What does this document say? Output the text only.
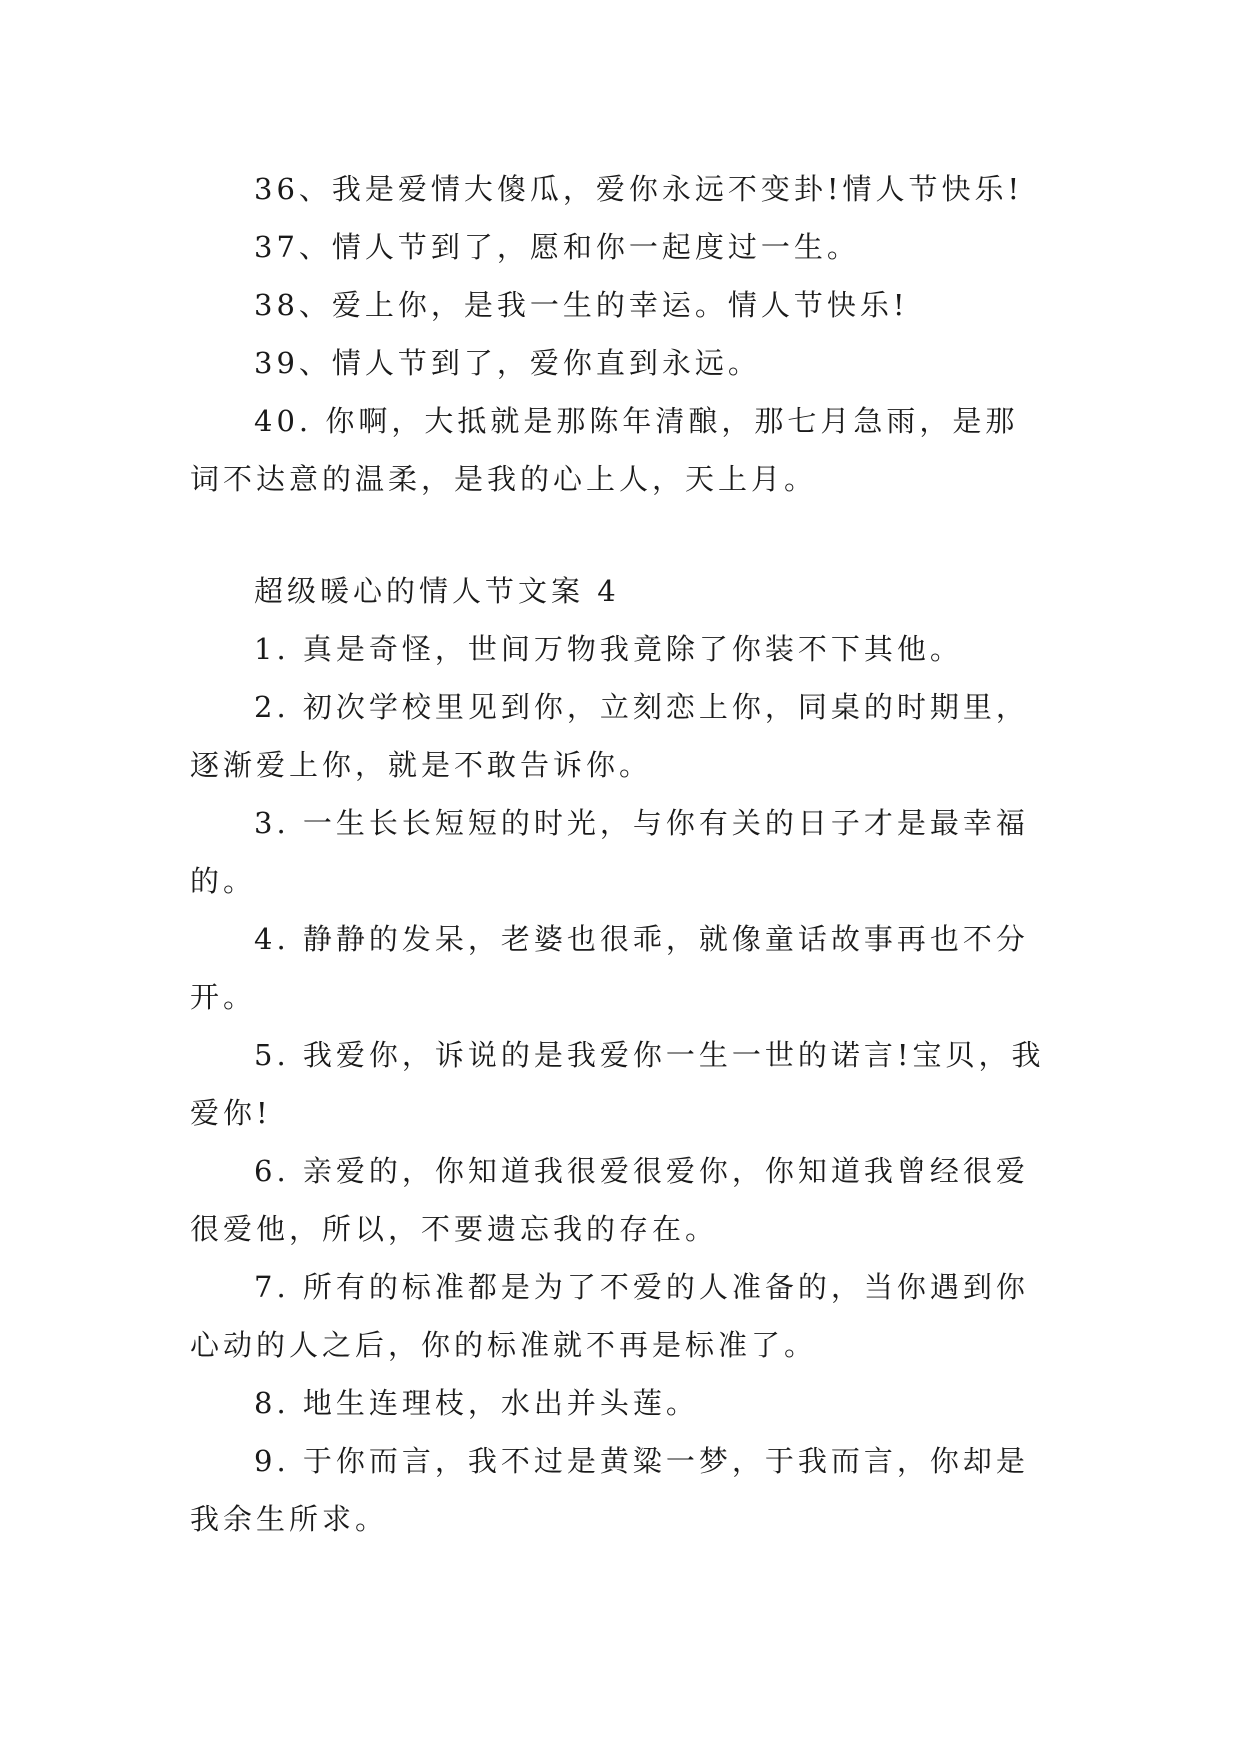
36、我是爱情大傻瓜，爱你永远不变卦!情人节快乐!

37、情人节到了，愿和你一起度过一生。

38、爱上你，是我一生的幸运。情人节快乐!

39、情人节到了，爱你直到永远。

40. 你啊，大抵就是那陈年清酿，那七月急雨，是那词不达意的温柔，是我的心上人，天上月。

超级暖心的情人节文案 4

1. 真是奇怪，世间万物我竟除了你装不下其他。

2. 初次学校里见到你，立刻恋上你，同桌的时期里，逐渐爱上你，就是不敢告诉你。

3. 一生长长短短的时光，与你有关的日子才是最幸福的。

4. 静静的发呆，老婆也很乖，就像童话故事再也不分开。

5. 我爱你，诉说的是我爱你一生一世的诺言!宝贝，我爱你!

6. 亲爱的，你知道我很爱很爱你，你知道我曾经很爱很爱他，所以，不要遗忘我的存在。

7. 所有的标准都是为了不爱的人准备的，当你遇到你心动的人之后，你的标准就不再是标准了。

8. 地生连理枝，水出并头莲。

9. 于你而言，我不过是黄粱一梦，于我而言，你却是我余生所求。
